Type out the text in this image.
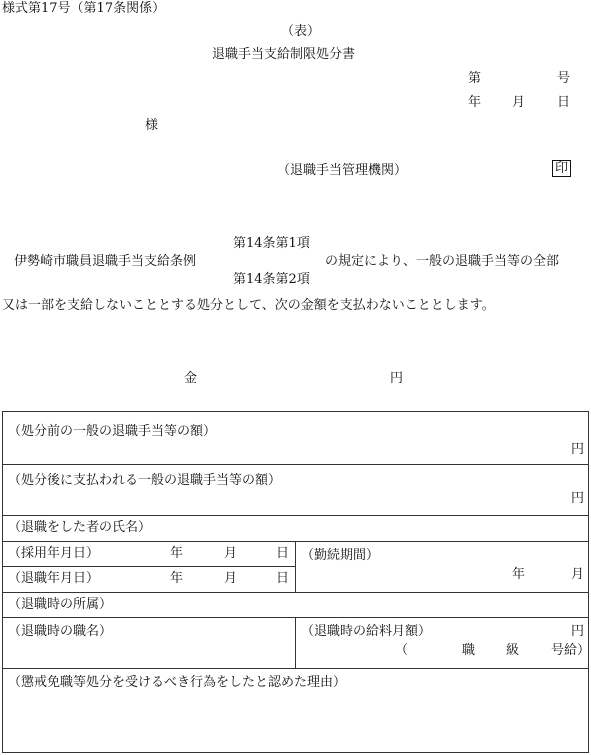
様式第17号（第17条関係）
（表）
退職手当支給制限処分書
第	号
年 月 日
様
（退職手当管理機関）	印
第14条第1項
伊勢崎市職員退職手当支給条例	の規定により、一般の退職手当等の全部
第14条第2項
又は一部を支給しないこととする処分として、次の金額を支払わないこととします。
金	円
（処分前の一般の退職手当等の額）
円
（処分後に支払われる一般の退職手当等の額）
円
（退職をした者の氏名）
（採用年月日）	年	月	日
（退職年月日）	年	月	日
（勤続期間）
年	月
（退職時の所属）
（退職時の職名）	（退職時の給料月額）	円
（	職 級 号給）
（懲戒免職等処分を受けるべき行為をしたと認めた理由）
